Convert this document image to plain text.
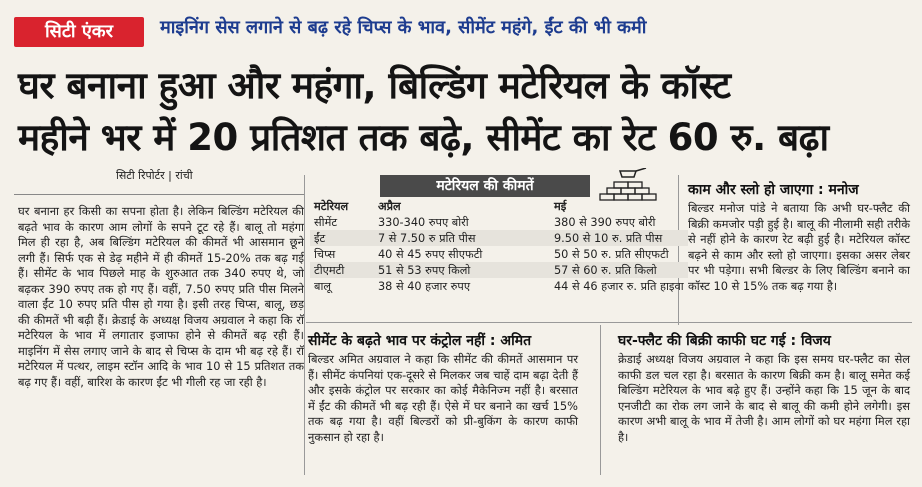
सिटी एंकर	माइनिंग सेस लगाने से बढ़ रहे चिप्स के भाव, सीमेंट महंगे, ईंट की भी कमी
घर बनाना हुआ और महंगा, बिल्डिंग मटेरियल के कॉस्ट
महीने भर में 20 प्रतिशत तक बढ़े, सीमेंट का रेट 60 रु. बढ़ा
सिटी रिपोर्टर | रांची
घर बनाना हर किसी का सपना होता है। लेकिन बिल्डिंग मटेरियल की बढ़ते भाव के कारण आम लोगों के सपने टूट रहे हैं। बालू तो महंगा मिल ही रहा है, अब बिल्डिंग मटेरियल की कीमतें भी आसमान छूने लगी हैं। सिर्फ एक से डेढ़ महीने में ही कीमतें 15-20% तक बढ़ गई हैं। सीमेंट के भाव पिछले माह के शुरुआत तक 340 रुपए थे, जो बढ़कर 390 रुपए तक हो गए हैं। वहीं, 7.50 रुपए प्रति पीस मिलने वाला ईंट 10 रुपए प्रति पीस हो गया है। इसी तरह चिप्स, बालू, छड़ की कीमतें भी बढ़ी हैं। क्रेडाई के अध्यक्ष विजय अग्रवाल ने कहा कि रॉ मटेरियल के भाव में लगातार इजाफा होने से कीमतें बढ़ रही हैं। माइनिंग में सेस लगाए जाने के बाद से चिप्स के दाम भी बढ़ रहे हैं। रॉ मटेरियल में पत्थर, लाइम स्टॉन आदि के भाव 10 से 15 प्रतिशत तक बढ़ गए हैं। वहीं, बारिश के कारण ईंट भी गीली रह जा रही है।
मटेरियल की कीमतें
मटेरियल	अप्रैल	मई
सीमेंट	330-340 रुपए बोरी	380 से 390 रुपए बोरी
ईंट	7 से 7.50 रु प्रति पीस	9.50 से 10 रु. प्रति पीस
चिप्स	40 से 45 रुपए सीएफटी	50 से 50 रु. प्रति सीएफटी
टीएमटी	51 से 53 रुपए किलो	57 से 60 रु. प्रति किलो
बालू	38 से 40 हजार रुपए	44 से 46 हजार रु. प्रति हाइवा
काम और स्लो हो जाएगा : मनोज
बिल्डर मनोज पांडे ने बताया कि अभी घर-फ्लैट की बिक्री कमजोर पड़ी हुई है। बालू की नीलामी सही तरीके से नहीं होने के कारण रेट बढ़ी हुई है। मटेरियल कॉस्ट बढ़ने से काम और स्लो हो जाएगा। इसका असर लेबर पर भी पड़ेगा। सभी बिल्डर के लिए बिल्डिंग बनाने का कॉस्ट 10 से 15% तक बढ़ गया है।
सीमेंट के बढ़ते भाव पर कंट्रोल नहीं : अमित
बिल्डर अमित अग्रवाल ने कहा कि सीमेंट की कीमतें आसमान पर हैं। सीमेंट कंपनियां एक-दूसरे से मिलकर जब चाहें दाम बढ़ा देती हैं और इसके कंट्रोल पर सरकार का कोई मैकेनिज्म नहीं है। बरसात में ईंट की कीमतें भी बढ़ रही हैं। ऐसे में घर बनाने का खर्च 15% तक बढ़ गया है। वहीं बिल्डरों को प्री-बुकिंग के कारण काफी नुकसान हो रहा है।
घर-फ्लैट की बिक्री काफी घट गई : विजय
क्रेडाई अध्यक्ष विजय अग्रवाल ने कहा कि इस समय घर-फ्लैट का सेल काफी डल चल रहा है। बरसात के कारण बिक्री कम है। बालू समेत कई बिल्डिंग मटेरियल के भाव बढ़े हुए हैं। उन्होंने कहा कि 15 जून के बाद एनजीटी का रोक लग जाने के बाद से बालू की कमी होने लगेगी। इस कारण अभी बालू के भाव में तेजी है। आम लोगों को घर महंगा मिल रहा है।
